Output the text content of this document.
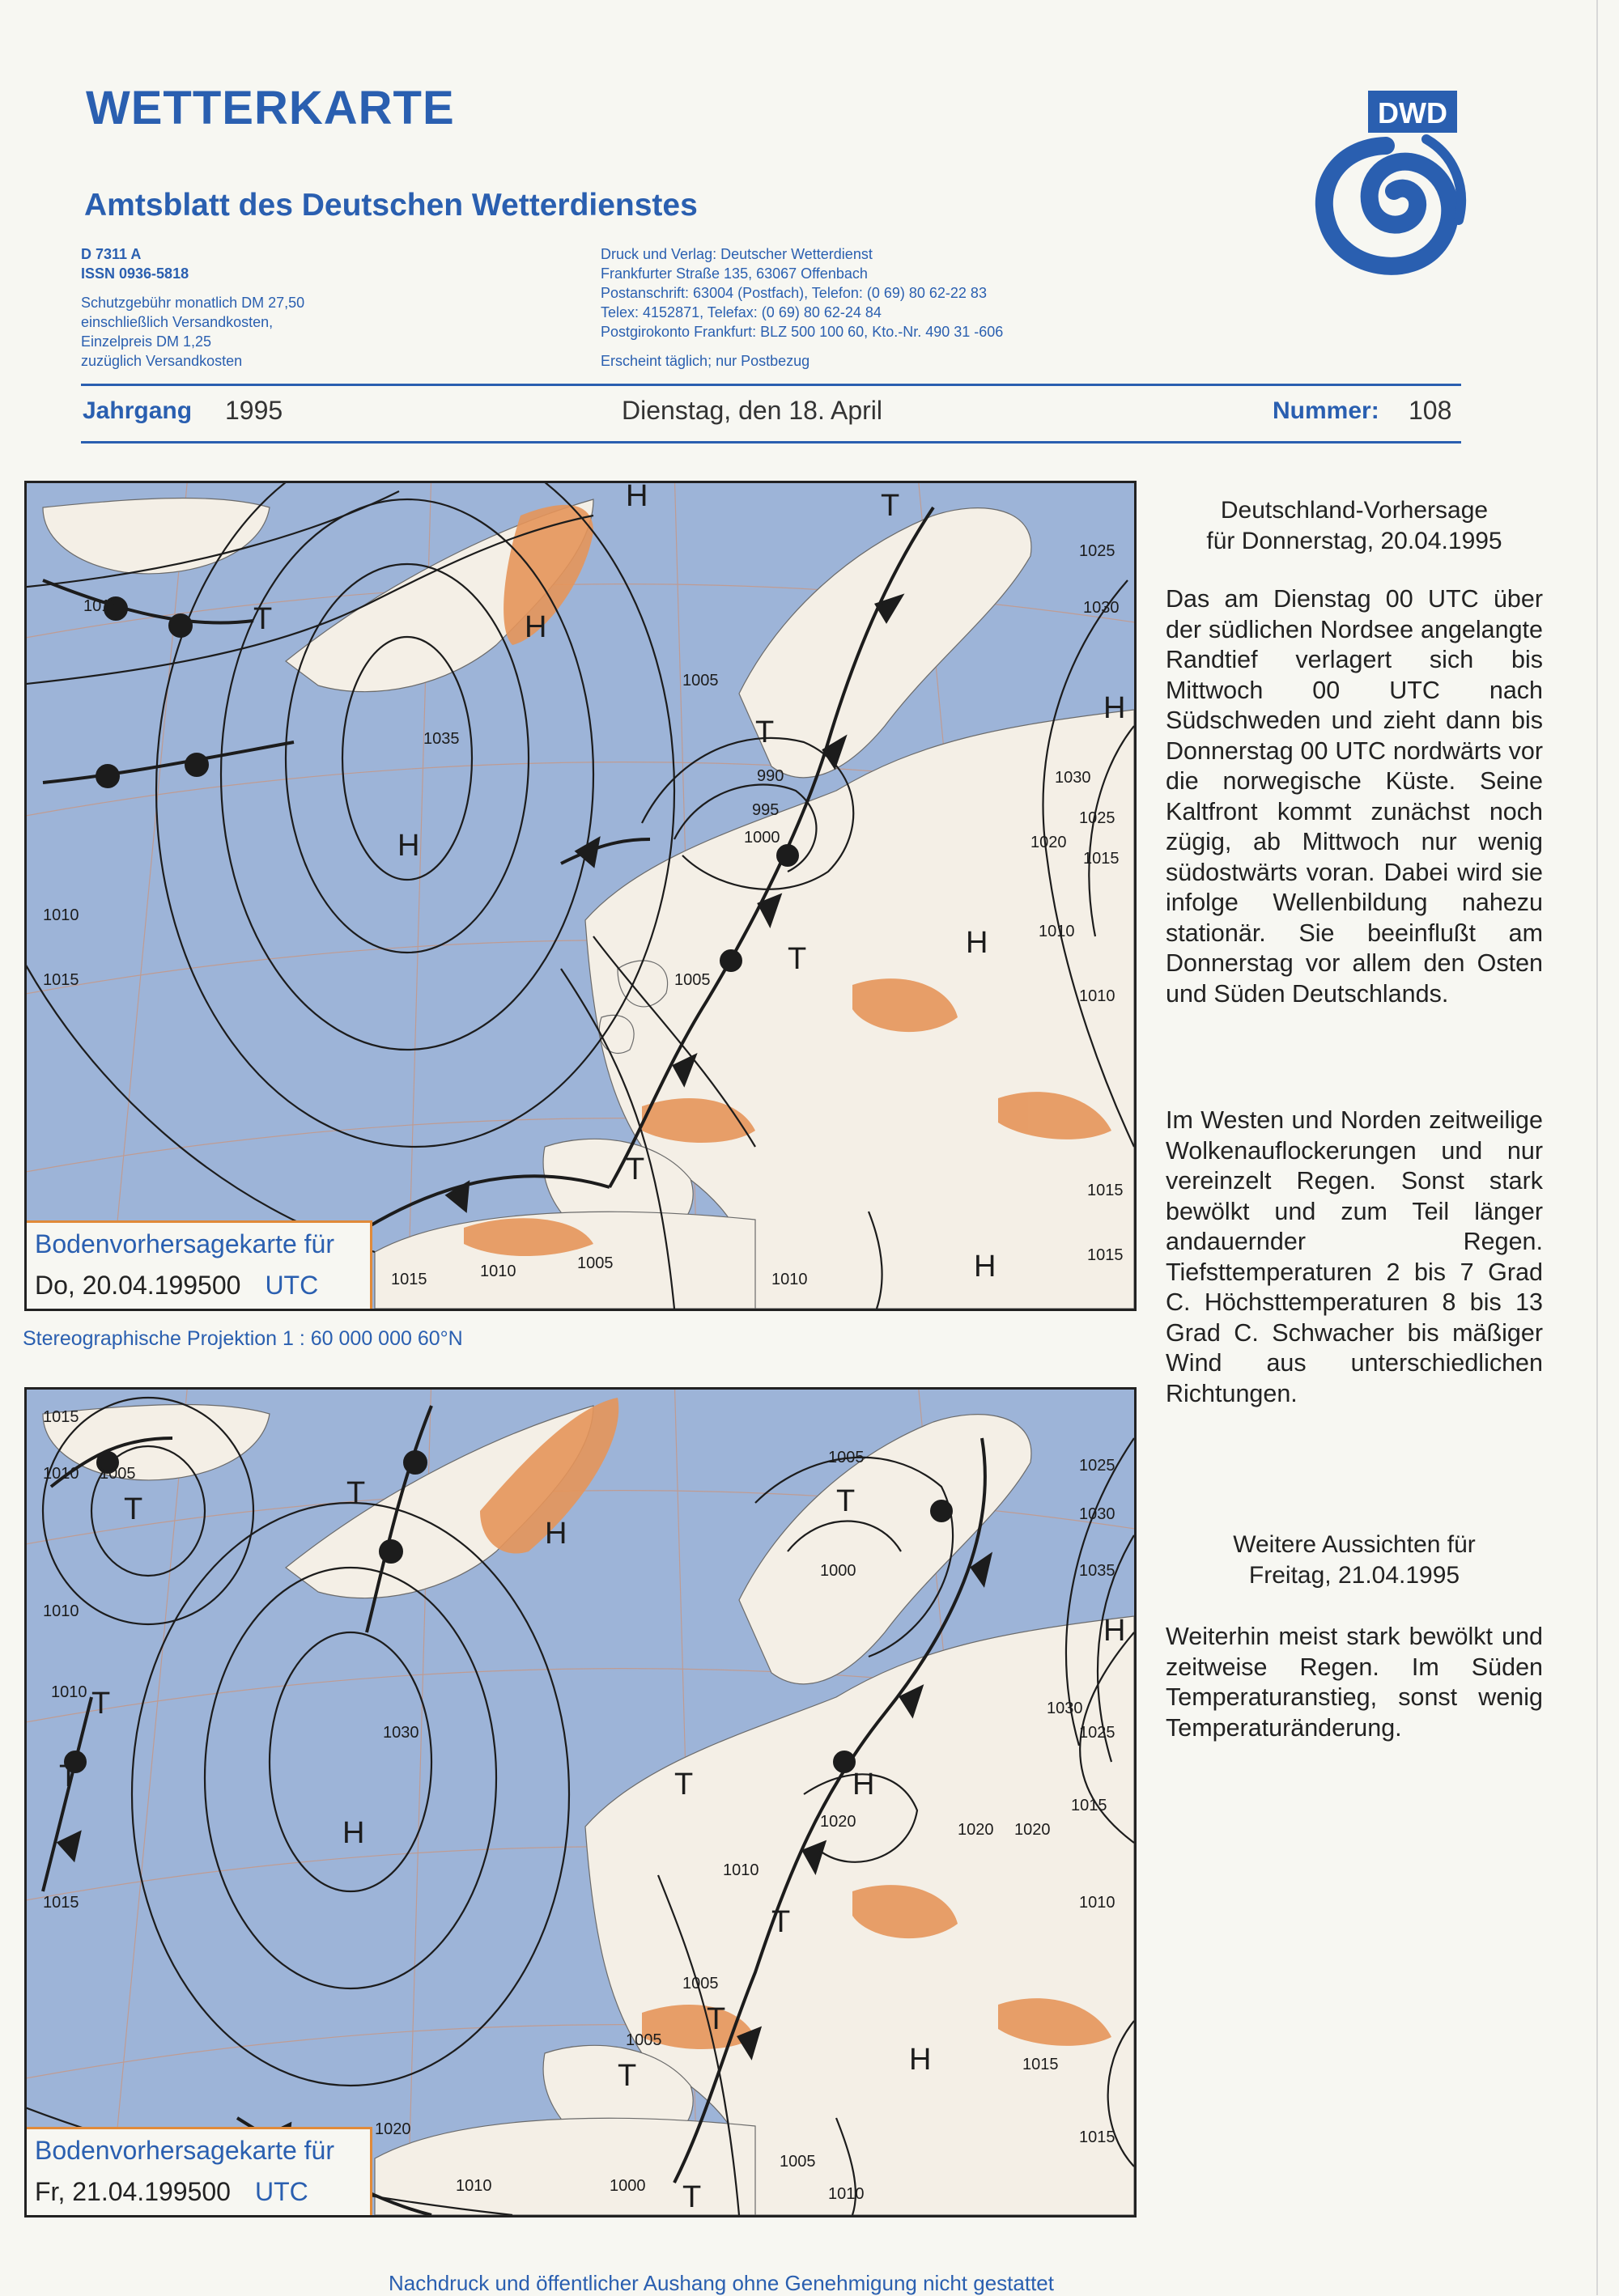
WETTERKARTE
Amtsblatt des Deutschen Wetterdienstes
D 7311 A
ISSN 0936-5818
Schutzgebühr monatlich DM 27,50
einschließlich Versandkosten,
Einzelpreis DM 1,25
zuzüglich Versandkosten
Druck und Verlag: Deutscher Wetterdienst
Frankfurter Straße 135, 63067 Offenbach
Postanschrift: 63004 (Postfach), Telefon: (0 69) 80 62-22 83
Telex: 4152871, Telefax: (0 69) 80 62-24 84
Postgirokonto Frankfurt: BLZ 500 100 60, Kto.-Nr. 490 31 -606
Erscheint täglich; nur Postbezug
DWD
Jahrgang 1995	Dienstag, den 18. April	Nummer: 108
H
H
H
H
H
T
T
T
T
T
H
1015
1035
1005
990
995
1000
1010
1015
1025
1030
1030
1025
1020
1015
1010
1010
1005
1010
1015
1015
1015
1005
1010
Bodenvorhersagekarte für
Do, 20.04.199500 UTC
Stereographische Projektion 1 : 60 000 000 60°N
T	T
T
H
T
T
H
H
H
T
T
T
H
T
T
1015
1010 1005
1010
1010
1030
1015
1000
1005	1025
1030
1035
1030
1025
1020 1020
1020
1015
1010
1010
1005
1005
1020
1010	1000
1005
1010
1015
1015
Bodenvorhersagekarte für
Fr, 21.04.199500 UTC
Deutschland-Vorhersage
für Donnerstag, 20.04.1995
Das am Dienstag 00 UTC über der südlichen Nordsee angelangte Randtief verlagert sich bis Mittwoch 00 UTC nach Südschweden und zieht dann bis Donnerstag 00 UTC nordwärts vor die norwegische Küste. Seine Kaltfront kommt zunächst noch zügig, ab Mittwoch nur wenig südostwärts voran. Dabei wird sie infolge Wellenbildung nahezu stationär. Sie beeinflußt am Donnerstag vor allem den Osten und Süden Deutschlands.
Im Westen und Norden zeitweilige Wolkenauflockerungen und nur vereinzelt Regen. Sonst stark bewölkt und zum Teil länger andauernder Regen. Tiefsttemperaturen 2 bis 7 Grad C. Höchsttemperaturen 8 bis 13 Grad C. Schwacher bis mäßiger Wind aus unterschiedlichen Richtungen.
Weitere Aussichten für
Freitag, 21.04.1995
Weiterhin meist stark bewölkt und zeitweise Regen. Im Süden Temperaturanstieg, sonst wenig Temperaturänderung.
Nachdruck und öffentlicher Aushang ohne Genehmigung nicht gestattet
